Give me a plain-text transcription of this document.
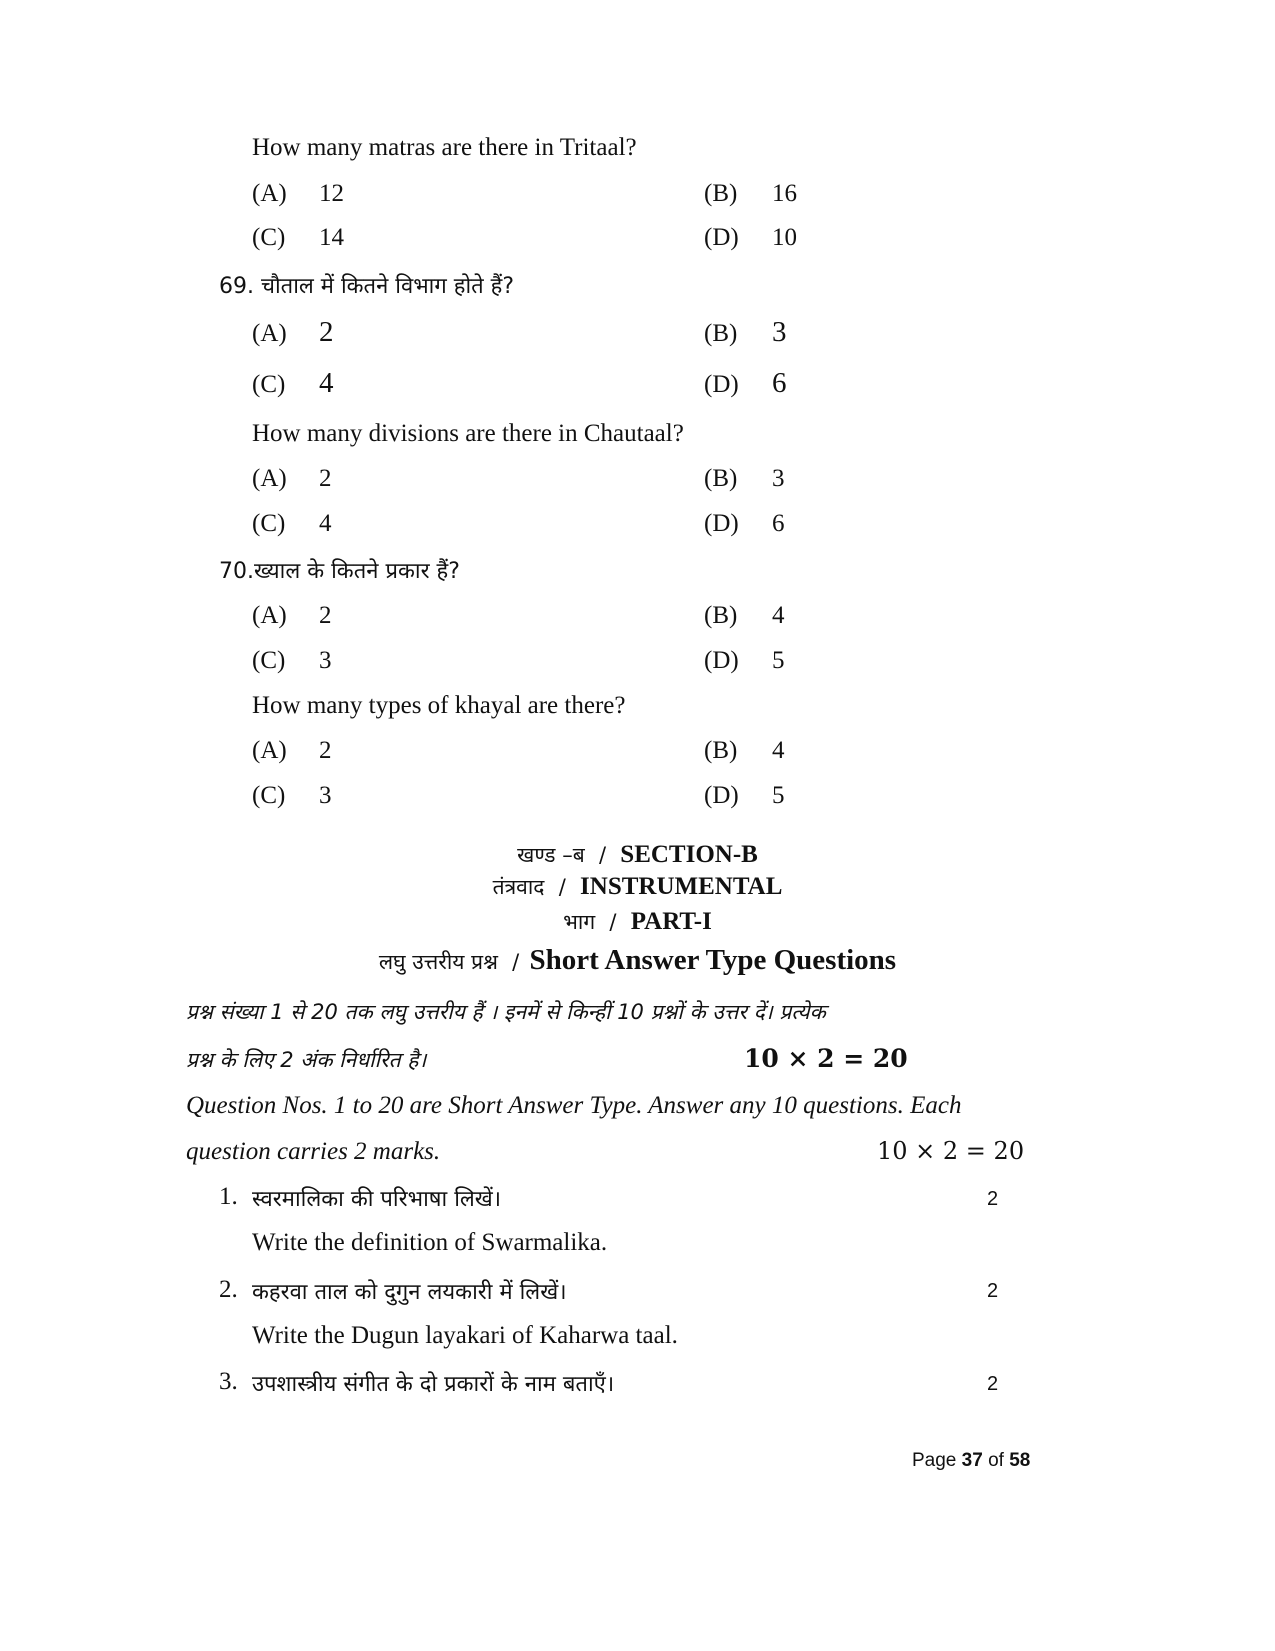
How many matras are there in Tritaal?
(A) 12	(B) 16
(C) 14	(D) 10
69. चौताल में कितने विभाग होते हैं?
(A) 2	(B) 3
(C) 4	(D) 6
How many divisions are there in Chautaal?
(A) 2	(B) 3
(C) 4	(D) 6
70.ख्याल के कितने प्रकार हैं?
(A) 2	(B) 4
(C) 3	(D) 5
How many types of khayal are there?
(A) 2	(B) 4
(C) 3	(D) 5
खण्ड –ब / SECTION-B
तंत्रवाद / INSTRUMENTAL
भाग / PART-I
लघु उत्तरीय प्रश्न / Short Answer Type Questions
प्रश्न संख्या 1 से 20 तक लघु उत्तरीय हैं । इनमें से किन्हीं 10 प्रश्नों के उत्तर दें। प्रत्येक
प्रश्न के लिए 2 अंक निर्धारित है।	10 × 2 = 20
Question Nos. 1 to 20 are Short Answer Type. Answer any 10 questions. Each
question carries 2 marks.	10 × 2 = 20
1. स्वरमालिका की परिभाषा लिखें।	2
Write the definition of Swarmalika.
2. कहरवा ताल को दुगुन लयकारी में लिखें।	2
Write the Dugun layakari of Kaharwa taal.
3. उपशास्त्रीय संगीत के दो प्रकारों के नाम बताएँ।	2
Page 37 of 58
